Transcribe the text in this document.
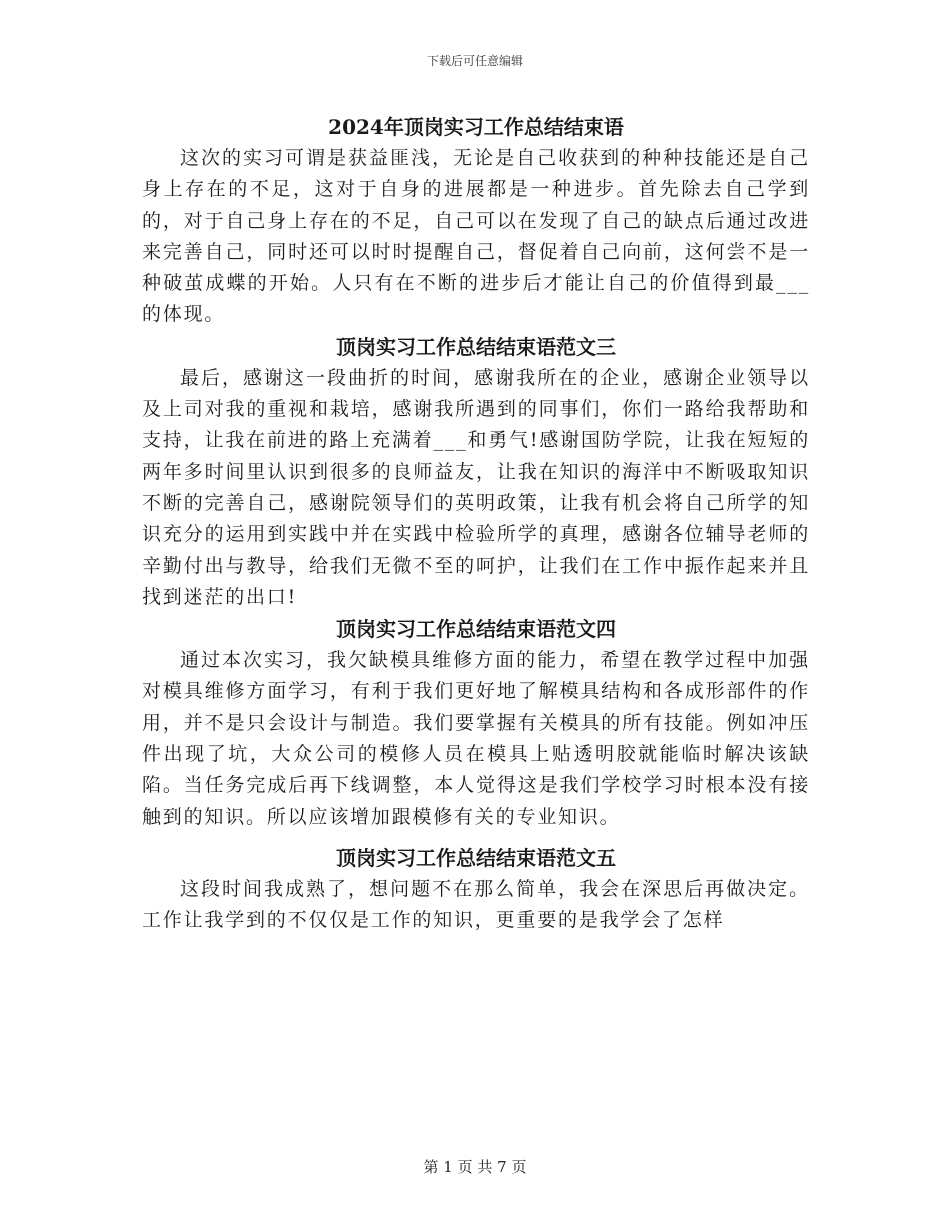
下载后可任意编辑
2024年顶岗实习工作总结结束语

这次的实习可谓是获益匪浅，无论是自己收获到的种种技能还是自己身上存在的不足，这对于自身的进展都是一种进步。首先除去自己学到的，对于自己身上存在的不足，自己可以在发现了自己的缺点后通过改进来完善自己，同时还可以时时提醒自己，督促着自己向前，这何尝不是一种破茧成蝶的开始。人只有在不断的进步后才能让自己的价值得到最___的体现。

顶岗实习工作总结结束语范文三

最后，感谢这一段曲折的时间，感谢我所在的企业，感谢企业领导以及上司对我的重视和栽培，感谢我所遇到的同事们，你们一路给我帮助和支持，让我在前进的路上充满着___和勇气!感谢国防学院，让我在短短的两年多时间里认识到很多的良师益友，让我在知识的海洋中不断吸取知识不断的完善自己，感谢院领导们的英明政策，让我有机会将自己所学的知识充分的运用到实践中并在实践中检验所学的真理，感谢各位辅导老师的辛勤付出与教导，给我们无微不至的呵护，让我们在工作中振作起来并且找到迷茫的出口!

顶岗实习工作总结结束语范文四

通过本次实习，我欠缺模具维修方面的能力，希望在教学过程中加强对模具维修方面学习，有利于我们更好地了解模具结构和各成形部件的作用，并不是只会设计与制造。我们要掌握有关模具的所有技能。例如冲压件出现了坑，大众公司的模修人员在模具上贴透明胶就能临时解决该缺陷。当任务完成后再下线调整，本人觉得这是我们学校学习时根本没有接触到的知识。所以应该增加跟模修有关的专业知识。

顶岗实习工作总结结束语范文五

这段时间我成熟了，想问题不在那么简单，我会在深思后再做决定。工作让我学到的不仅仅是工作的知识，更重要的是我学会了怎样

第 1 页 共 7 页
